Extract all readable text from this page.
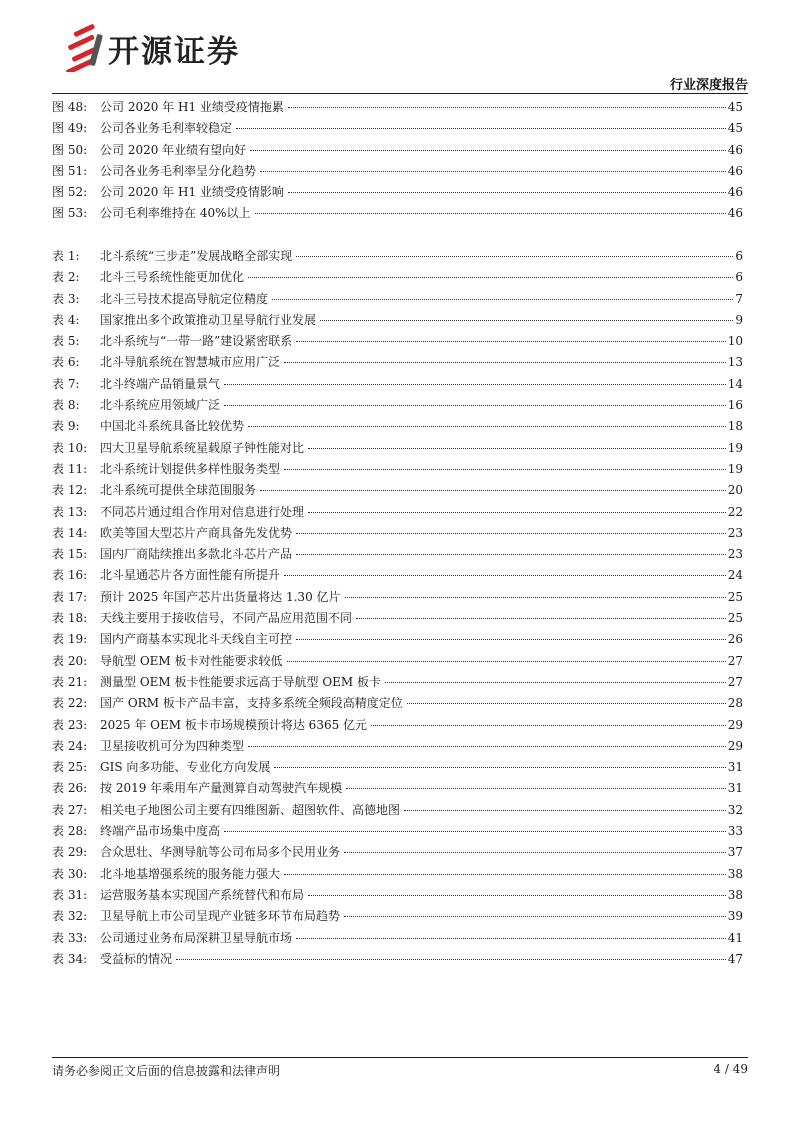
开源证券
行业深度报告
图 48:	公司 2020 年 H1 业绩受疫情拖累	45
图 49:	公司各业务毛利率较稳定	45
图 50:	公司 2020 年业绩有望向好	46
图 51:	公司各业务毛利率呈分化趋势	46
图 52:	公司 2020 年 H1 业绩受疫情影响	46
图 53:	公司毛利率维持在 40%以上	46
表 1:	北斗系统“三步走”发展战略全部实现	6
表 2:	北斗三号系统性能更加优化	6
表 3:	北斗三号技术提高导航定位精度	7
表 4:	国家推出多个政策推动卫星导航行业发展	9
表 5:	北斗系统与“一带一路”建设紧密联系	10
表 6:	北斗导航系统在智慧城市应用广泛	13
表 7:	北斗终端产品销量景气	14
表 8:	北斗系统应用领域广泛	16
表 9:	中国北斗系统具备比较优势	18
表 10:	四大卫星导航系统星载原子钟性能对比	19
表 11:	北斗系统计划提供多样性服务类型	19
表 12:	北斗系统可提供全球范围服务	20
表 13:	不同芯片通过组合作用对信息进行处理	22
表 14:	欧美等国大型芯片产商具备先发优势	23
表 15:	国内厂商陆续推出多款北斗芯片产品	23
表 16:	北斗星通芯片各方面性能有所提升	24
表 17:	预计 2025 年国产芯片出货量将达 1.30 亿片	25
表 18:	天线主要用于接收信号，不同产品应用范围不同	25
表 19:	国内产商基本实现北斗天线自主可控	26
表 20:	导航型 OEM 板卡对性能要求较低	27
表 21:	测量型 OEM 板卡性能要求远高于导航型 OEM 板卡	27
表 22:	国产 ORM 板卡产品丰富，支持多系统全频段高精度定位	28
表 23:	2025 年 OEM 板卡市场规模预计将达 6365 亿元	29
表 24:	卫星接收机可分为四种类型	29
表 25:	GIS 向多功能、专业化方向发展	31
表 26:	按 2019 年乘用车产量测算自动驾驶汽车规模	31
表 27:	相关电子地图公司主要有四维图新、超图软件、高德地图	32
表 28:	终端产品市场集中度高	33
表 29:	合众思壮、华测导航等公司布局多个民用业务	37
表 30:	北斗地基增强系统的服务能力强大	38
表 31:	运营服务基本实现国产系统替代和布局	38
表 32:	卫星导航上市公司呈现产业链多环节布局趋势	39
表 33:	公司通过业务布局深耕卫星导航市场	41
表 34:	受益标的情况	47
请务必参阅正文后面的信息披露和法律声明	4 / 49
